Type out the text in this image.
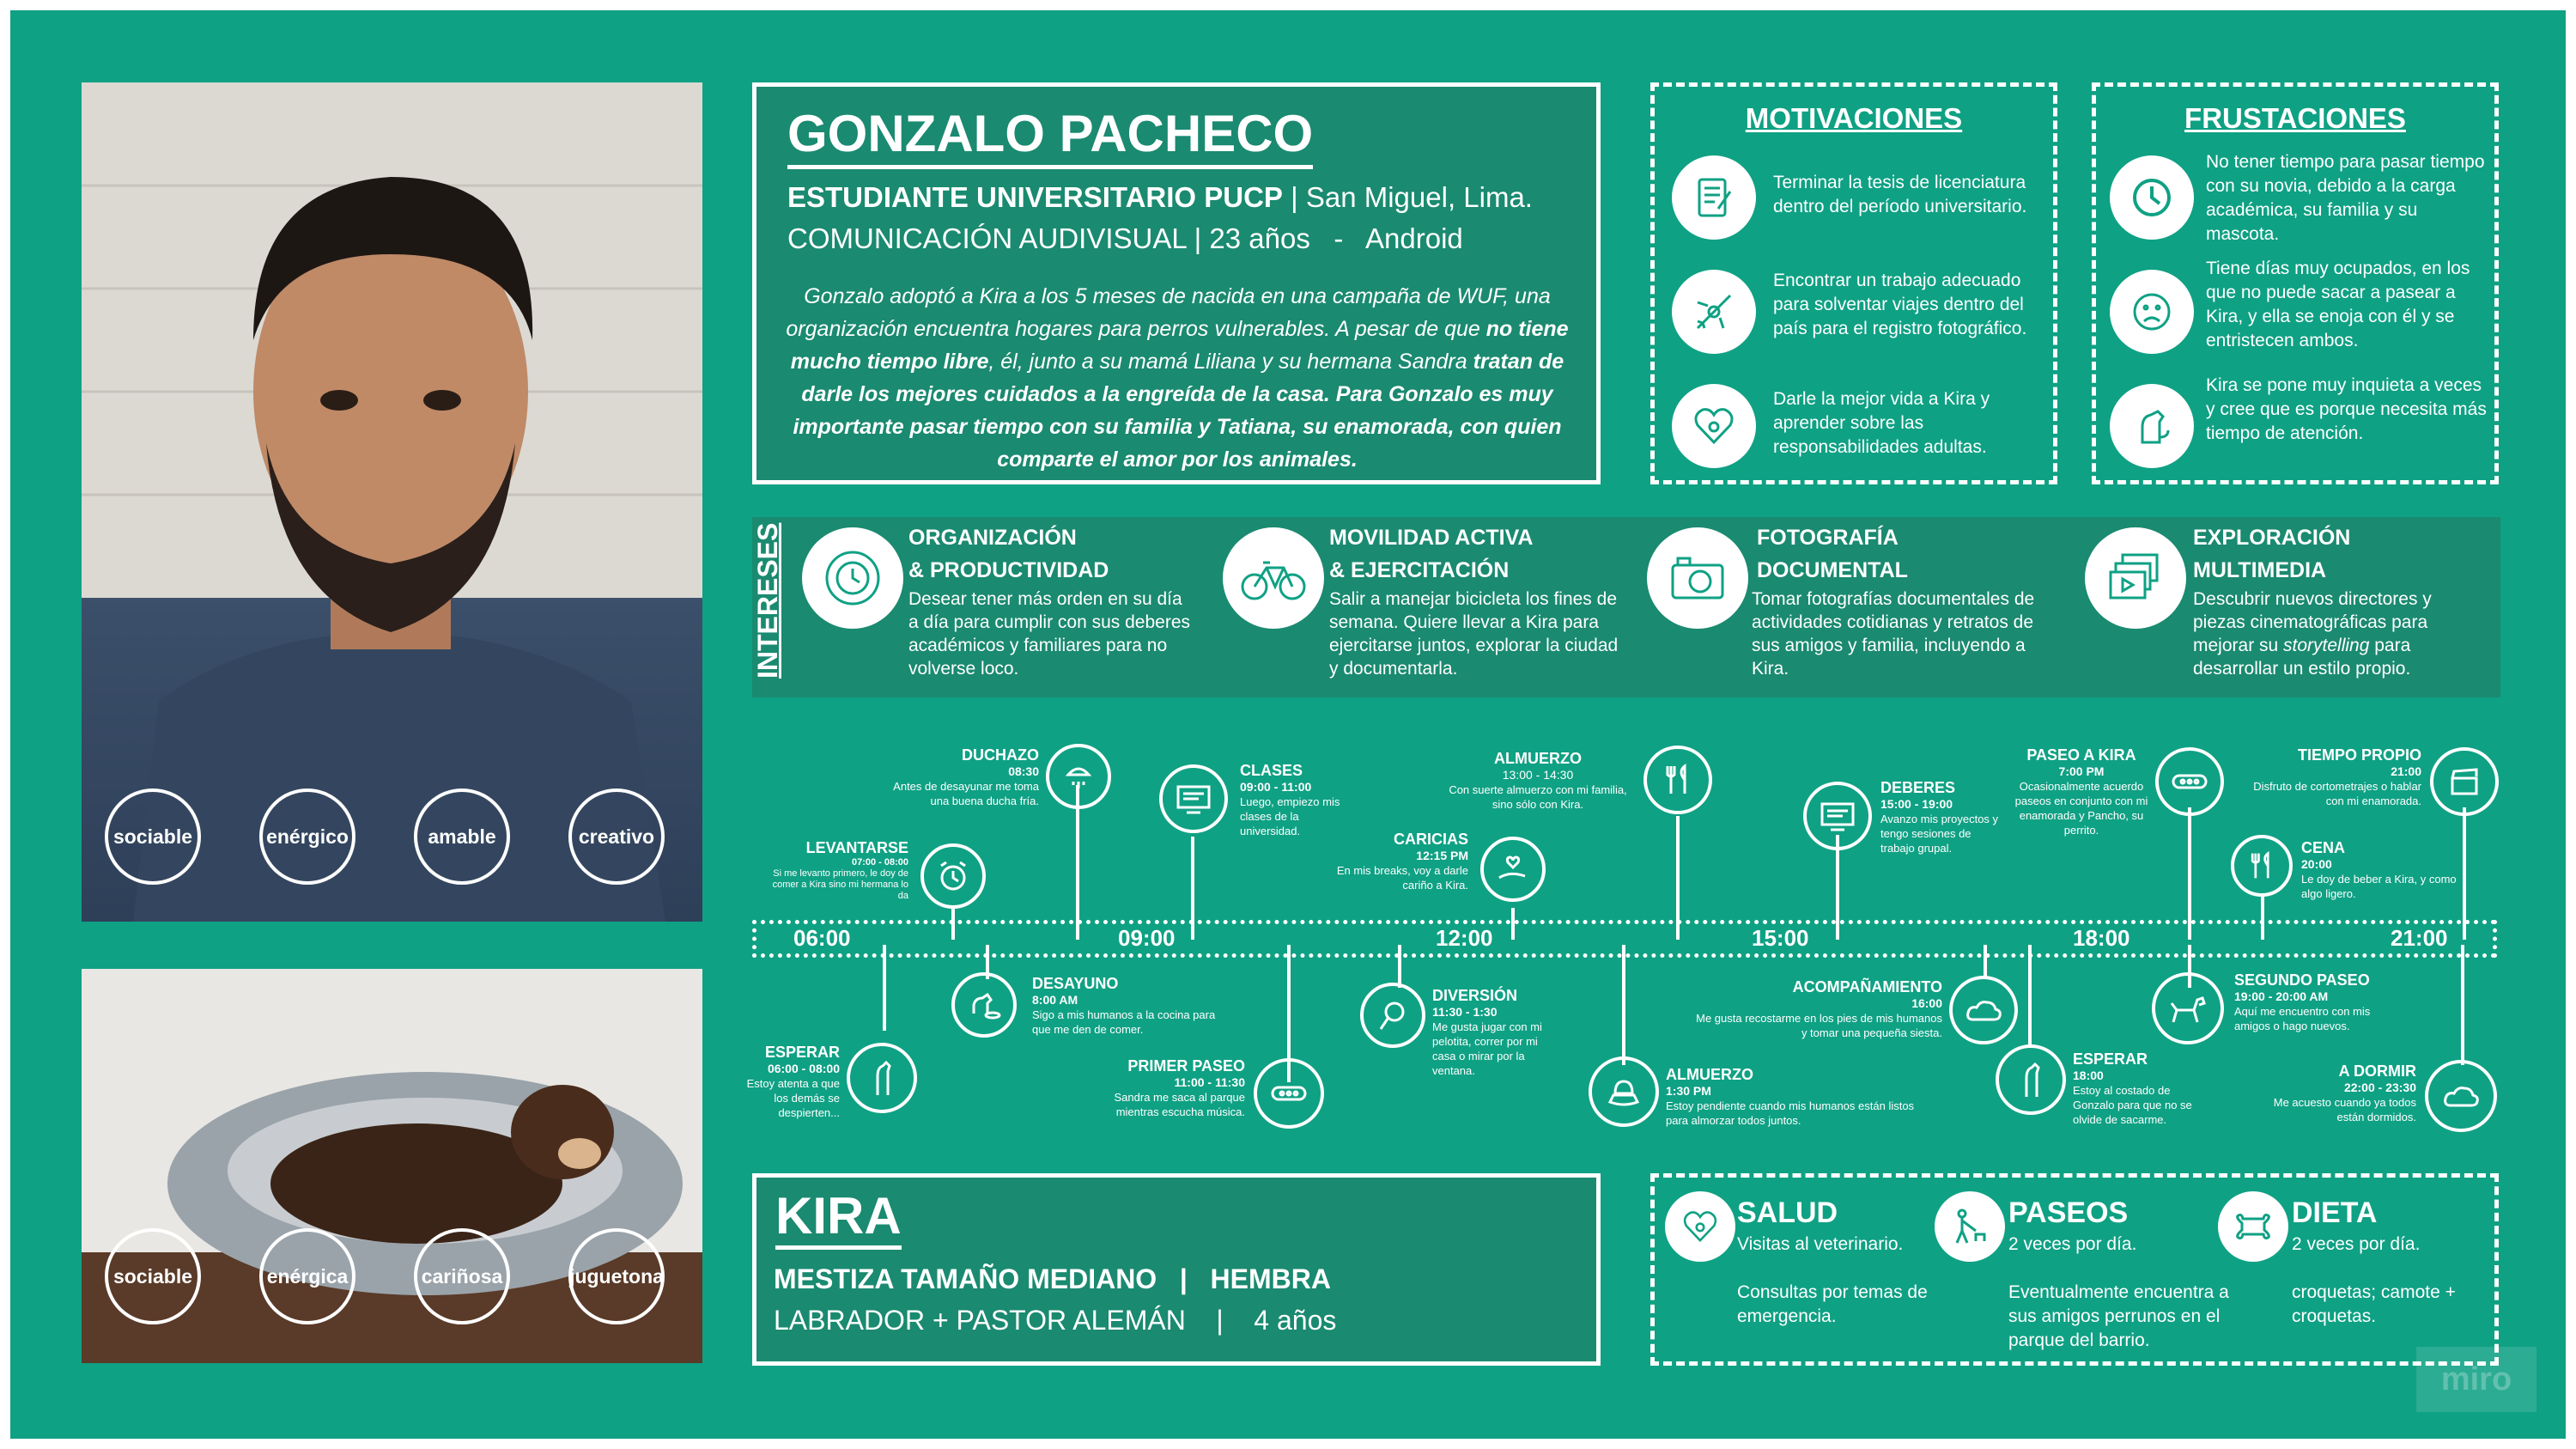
sociable	enérgico	amable	creativo
sociable	enérgica	cariñosa	juguetona
GONZALO PACHECO
ESTUDIANTE UNIVERSITARIO PUCP | San Miguel, Lima.
COMUNICACIÓN AUDIVISUAL | 23 años   -   Android
Gonzalo adoptó a Kira a los 5 meses de nacida en una campaña de WUF, una organización encuentra hogares para perros vulnerables. A pesar de que no tiene mucho tiempo libre, él, junto a su mamá Liliana y su hermana Sandra tratan de darle los mejores cuidados a la engreída de la casa. Para Gonzalo es muy importante pasar tiempo con su familia y Tatiana, su enamorada, con quien comparte el amor por los animales.
MOTIVACIONES
Terminar la tesis de licenciatura dentro del período universitario.
Encontrar un trabajo adecuado para solventar viajes dentro del país para el registro fotográfico.
Darle la mejor vida a Kira y aprender sobre las responsabilidades adultas.
FRUSTACIONES
No tener tiempo para pasar tiempo con su novia, debido a la carga académica, su familia y su mascota.
Tiene días muy ocupados, en los que no puede sacar a pasear a Kira, y ella se enoja con él y se entristecen ambos.
Kira se pone muy inquieta a veces y cree que es porque necesita más tiempo de atención.
INTERESES	ORGANIZACIÓN
& PRODUCTIVIDAD
Desear tener más orden en su día a día para cumplir con sus deberes académicos y familiares para no volverse loco.
MOVILIDAD ACTIVA
& EJERCITACIÓN
Salir a manejar bicicleta los fines de semana. Quiere llevar a Kira para ejercitarse juntos, explorar la ciudad y documentarla.
FOTOGRAFÍA
DOCUMENTAL
Tomar fotografías documentales de actividades cotidianas y retratos de sus amigos y familia, incluyendo a Kira.
EXPLORACIÓN
MULTIMEDIA
Descubrir nuevos directores y piezas cinematográficas para mejorar su storytelling para desarrollar un estilo propio.
06:00	09:00	12:00	15:00	18:00	21:00
DUCHAZO
08:30
Antes de desayunar me toma una buena ducha fría.
LEVANTARSE
07:00 - 08:00
Si me levanto primero, le doy de comer a Kira sino mi hermana lo da
CLASES
09:00 - 11:00
Luego, empiezo mis clases de la universidad.
ALMUERZO
13:00 - 14:30
Con suerte almuerzo con mi familia, sino sólo con Kira.
CARICIAS
12:15 PM
En mis breaks, voy a darle cariño a Kira.
DEBERES
15:00 - 19:00
Avanzo mis proyectos y tengo sesiones de trabajo grupal.
PASEO A KIRA
7:00 PM
Ocasionalmente acuerdo paseos en conjunto con mi enamorada y Pancho, su perrito.
TIEMPO PROPIO
21:00
Disfruto de cortometrajes o hablar con mi enamorada.
CENA
20:00
Le doy de beber a Kira, y como algo ligero.
DESAYUNO
8:00 AM
Sigo a mis humanos a la cocina para que me den de comer.
ESPERAR
06:00 - 08:00
Estoy atenta a que los demás se despierten...
PRIMER PASEO
11:00 - 11:30
Sandra me saca al parque mientras escucha música.
DIVERSIÓN
11:30 - 1:30
Me gusta jugar con mi pelotita, correr por mi casa o mirar por la ventana.	ALMUERZO
1:30 PM
Estoy pendiente cuando mis humanos están listos para almorzar todos juntos.
ACOMPAÑAMIENTO
16:00
Me gusta recostarme en los pies de mis humanos y tomar una pequeña siesta.
ESPERAR
18:00
Estoy al costado de Gonzalo para que no se olvide de sacarme.
SEGUNDO PASEO
19:00 - 20:00 AM
Aquí me encuentro con mis amigos o hago nuevos.
A DORMIR
22:00 - 23:30
Me acuesto cuando ya todos están dormidos.
KIRA
MESTIZA TAMAÑO MEDIANO | HEMBRA
LABRADOR + PASTOR ALEMÁN | 4 años
SALUD
Visitas al veterinario.
Consultas por temas de emergencia.
PASEOS
2 veces por día.
Eventualmente encuentra a sus amigos perrunos en el parque del barrio.
DIETA
2 veces por día.
croquetas; camote + croquetas.
miro
